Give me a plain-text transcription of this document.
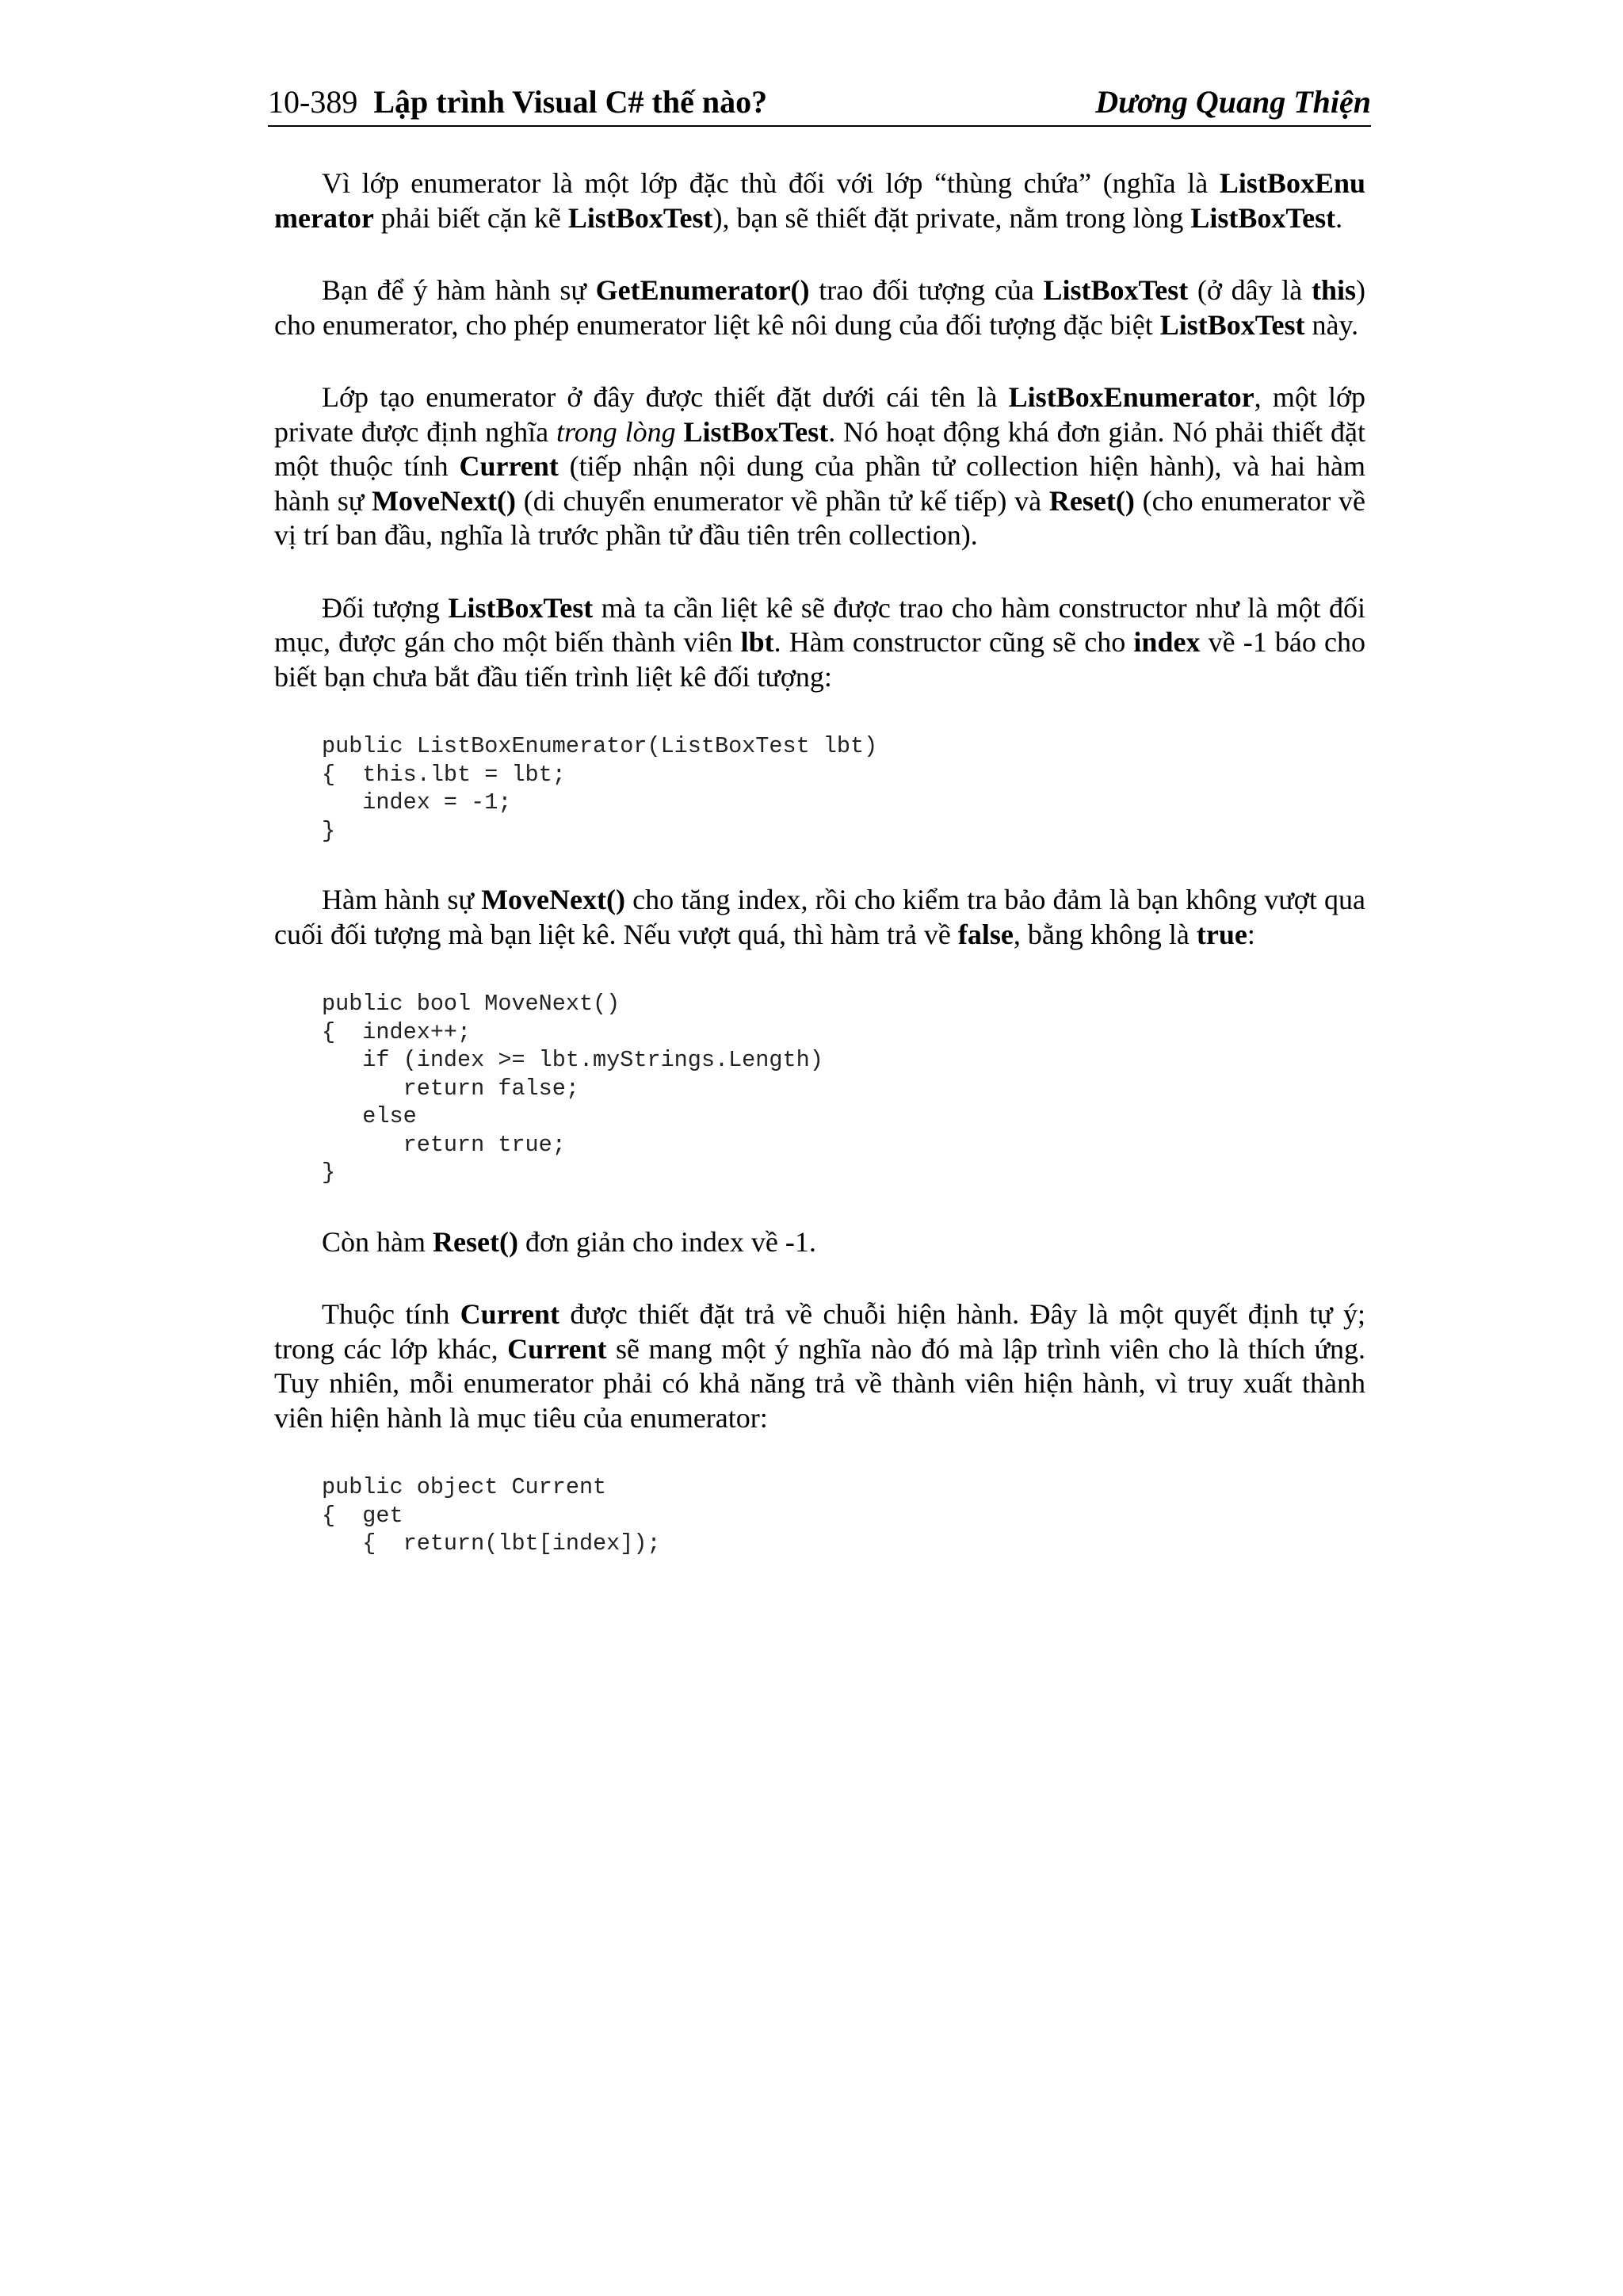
10-389 Lập trình Visual C# thế nào?	Dương Quang Thiện

Vì lớp enumerator là một lớp đặc thù đối với lớp “thùng chứa” (nghĩa là ListBoxEnu merator phải biết cặn kẽ ListBoxTest), bạn sẽ thiết đặt private, nằm trong lòng ListBoxTest.

Bạn để ý hàm hành sự GetEnumerator() trao đối tượng của ListBoxTest (ở dây là this) cho enumerator, cho phép enumerator liệt kê nôi dung của đối tượng đặc biệt ListBoxTest này.

Lớp tạo enumerator ở đây được thiết đặt dưới cái tên là ListBoxEnumerator, một lớp private được định nghĩa trong lòng ListBoxTest. Nó hoạt động khá đơn giản. Nó phải thiết đặt một thuộc tính Current (tiếp nhận nội dung của phần tử collection hiện hành), và hai hàm hành sự MoveNext() (di chuyển enumerator về phần tử kế tiếp) và Reset() (cho enumerator về vị trí ban đầu, nghĩa là trước phần tử đầu tiên trên collection).

Đối tượng ListBoxTest mà ta cần liệt kê sẽ được trao cho hàm constructor như là một đối mục, được gán cho một biến thành viên lbt. Hàm constructor cũng sẽ cho index về -1 báo cho biết bạn chưa bắt đầu tiến trình liệt kê đối tượng:

public ListBoxEnumerator(ListBoxTest lbt)
{  this.lbt = lbt;
index = -1;
}

Hàm hành sự MoveNext() cho tăng index, rồi cho kiểm tra bảo đảm là bạn không vượt qua cuối đối tượng mà bạn liệt kê. Nếu vượt quá, thì hàm trả về false, bằng không là true:

public bool MoveNext()
{  index++;
if (index >= lbt.myStrings.Length)
return false;
else
return true;
}

Còn hàm Reset() đơn giản cho index về -1.

Thuộc tính Current được thiết đặt trả về chuỗi hiện hành. Đây là một quyết định tự ý; trong các lớp khác, Current sẽ mang một ý nghĩa nào đó mà lập trình viên cho là thích ứng. Tuy nhiên, mỗi enumerator phải có khả năng trả về thành viên hiện hành, vì truy xuất thành viên hiện hành là mục tiêu của enumerator:

public object Current
{  get
{  return(lbt[index]);
